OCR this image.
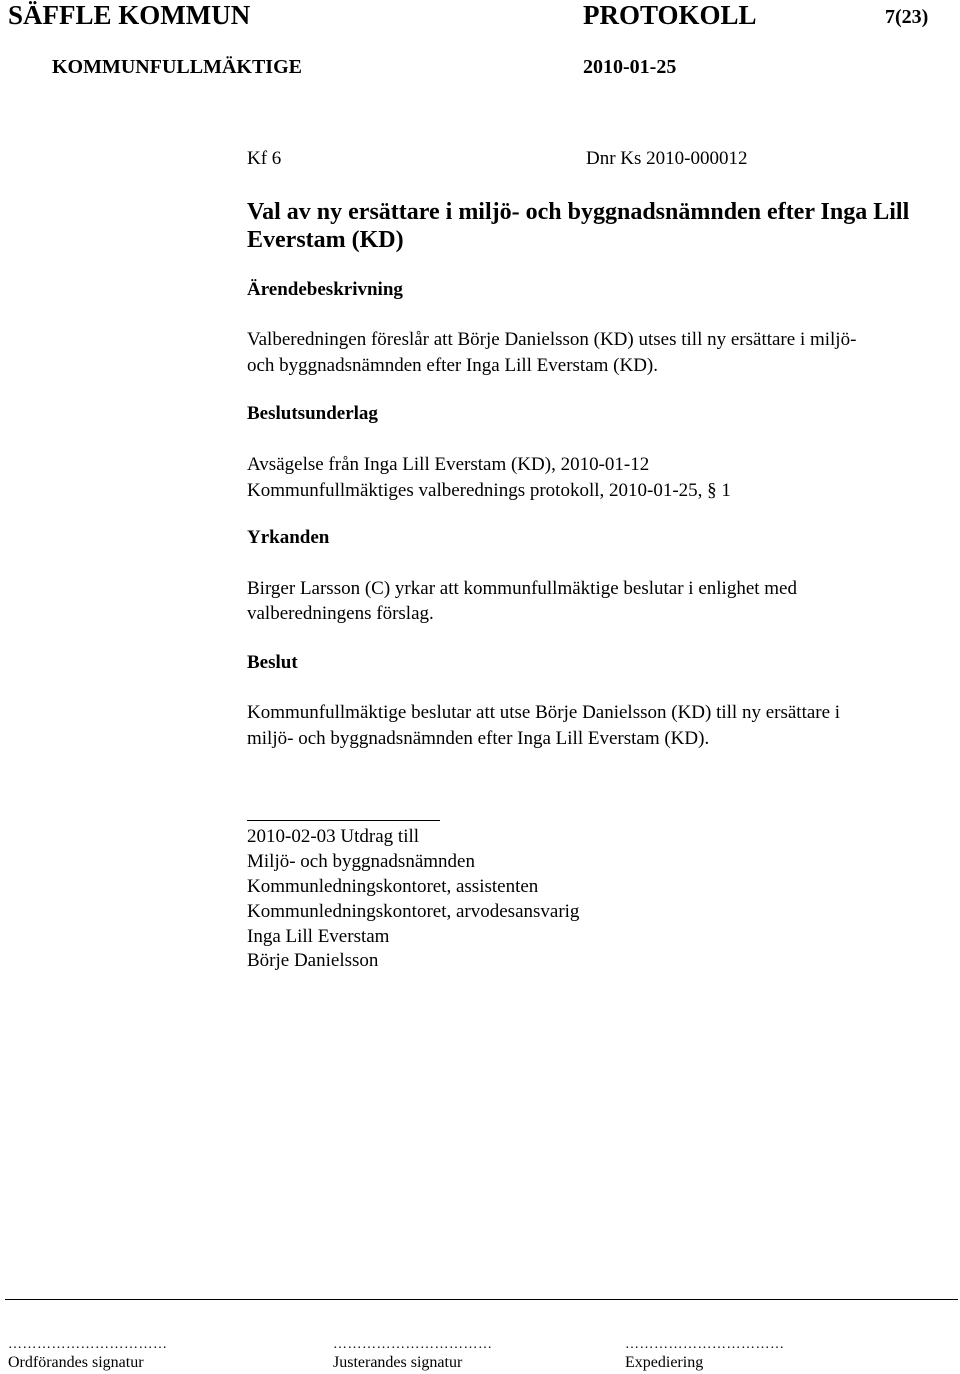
SÄFFLE KOMMUN	PROTOKOLL	7(23)
KOMMUNFULLMÄKTIGE	2010-01-25
Kf 6	Dnr Ks 2010-000012
Val av ny ersättare i miljö- och byggnadsnämnden efter Inga Lill
Everstam (KD)
Ärendebeskrivning
Valberedningen föreslår att Börje Danielsson (KD) utses till ny ersättare i miljö-
och byggnadsnämnden efter Inga Lill Everstam (KD).
Beslutsunderlag
Avsägelse från Inga Lill Everstam (KD), 2010-01-12
Kommunfullmäktiges valberednings protokoll, 2010-01-25, § 1
Yrkanden
Birger Larsson (C) yrkar att kommunfullmäktige beslutar i enlighet med
valberedningens förslag.
Beslut
Kommunfullmäktige beslutar att utse Börje Danielsson (KD) till ny ersättare i
miljö- och byggnadsnämnden efter Inga Lill Everstam (KD).
2010-02-03 Utdrag till
Miljö- och byggnadsnämnden
Kommunledningskontoret, assistenten
Kommunledningskontoret, arvodesansvarig
Inga Lill Everstam
Börje Danielsson
……………………………	……………………………	……………………………
Ordförandes signatur	Justerandes signatur	Expediering
